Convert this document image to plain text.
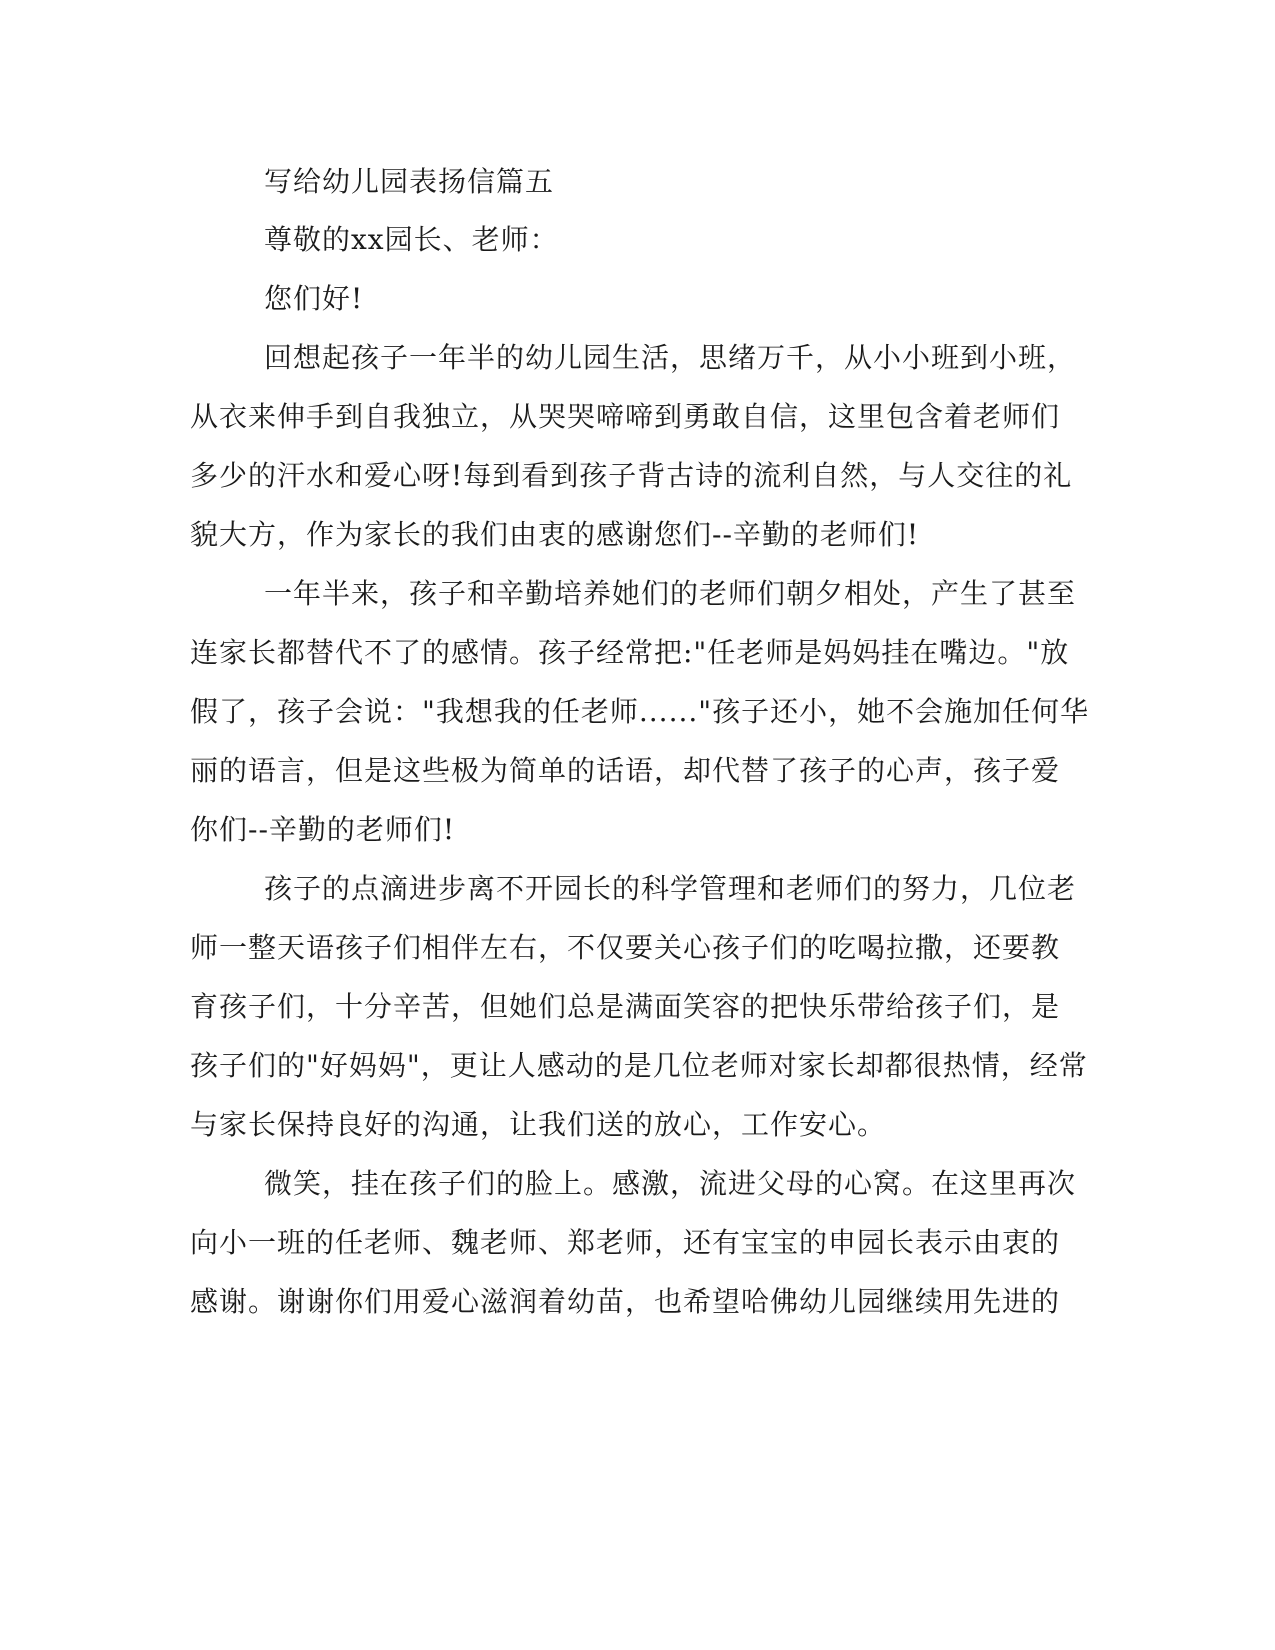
写给幼儿园表扬信篇五
尊敬的xx园长、老师：
您们好!
回想起孩子一年半的幼儿园生活，思绪万千，从小小班到小班，
从衣来伸手到自我独立，从哭哭啼啼到勇敢自信，这里包含着老师们
多少的汗水和爱心呀!每到看到孩子背古诗的流利自然，与人交往的礼
貌大方，作为家长的我们由衷的感谢您们--辛勤的老师们!
一年半来，孩子和辛勤培养她们的老师们朝夕相处，产生了甚至
连家长都替代不了的感情。孩子经常把:"任老师是妈妈挂在嘴边。"放
假了，孩子会说："我想我的任老师......"孩子还小，她不会施加任何华
丽的语言，但是这些极为简单的话语，却代替了孩子的心声，孩子爱
你们--辛勤的老师们!
孩子的点滴进步离不开园长的科学管理和老师们的努力，几位老
师一整天语孩子们相伴左右，不仅要关心孩子们的吃喝拉撒，还要教
育孩子们，十分辛苦，但她们总是满面笑容的把快乐带给孩子们，是
孩子们的"好妈妈"，更让人感动的是几位老师对家长却都很热情，经常
与家长保持良好的沟通，让我们送的放心，工作安心。
微笑，挂在孩子们的脸上。感激，流进父母的心窝。在这里再次
向小一班的任老师、魏老师、郑老师，还有宝宝的申园长表示由衷的
感谢。谢谢你们用爱心滋润着幼苗，也希望哈佛幼儿园继续用先进的
